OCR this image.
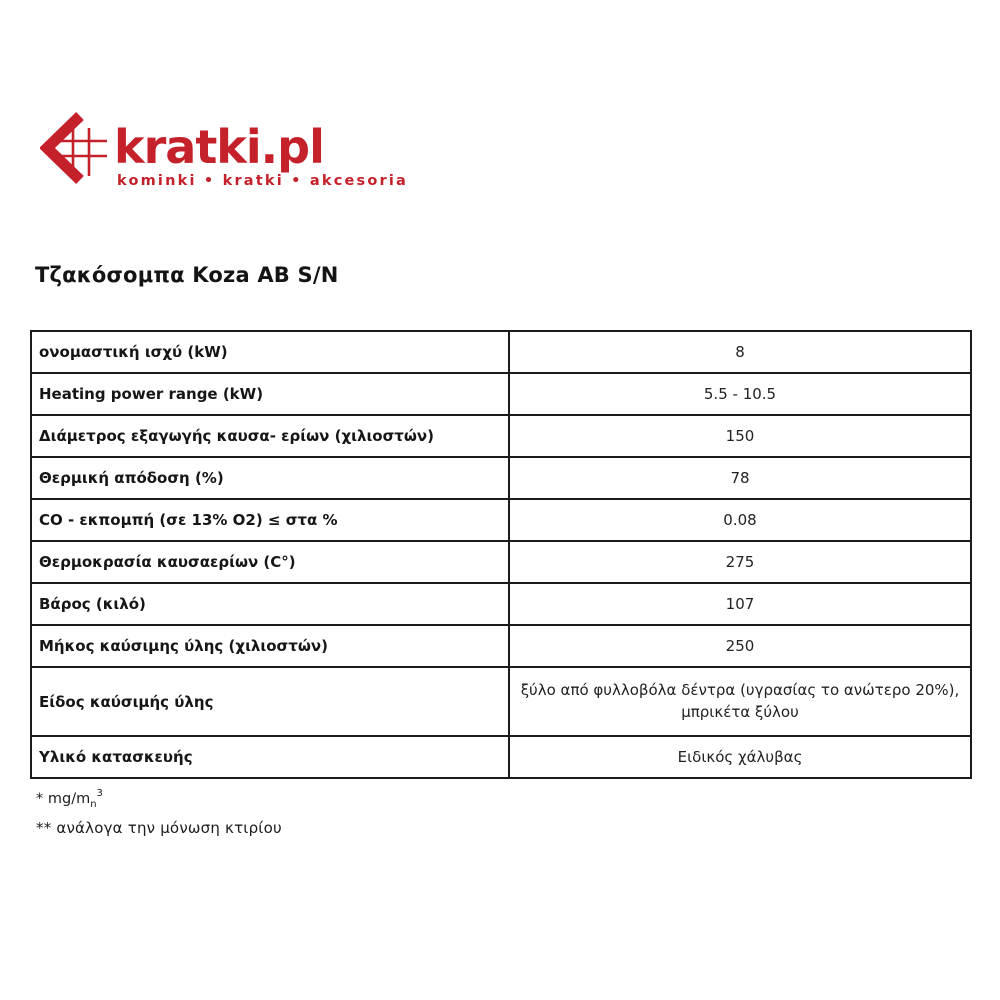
kratki.pl
kominki • kratki • akcesoria
Τζακόσομπα Koza AB S/N
ονομαστική ισχύ (kW)	8
Heating power range (kW)	5.5 - 10.5
Διάμετρος εξαγωγής καυσα- ερίων (χιλιοστών)	150
Θερμική απόδοση (%)	78
CO - εκπομπή (σε 13% O2) ≤ στα %	0.08
Θερμοκρασία καυσαερίων (C°)	275
Βάρος (κιλό)	107
Μήκος καύσιμης ύλης (χιλιοστών)	250
Είδος καύσιμής ύλης	ξύλο από φυλλοβόλα δέντρα (υγρασίας το ανώτερο 20%), μπρικέτα ξύλου

Υλικό κατασκευής	Ειδικός χάλυβας
* $mg/m_n^3$
** ανάλογα την μόνωση κτιρίου
